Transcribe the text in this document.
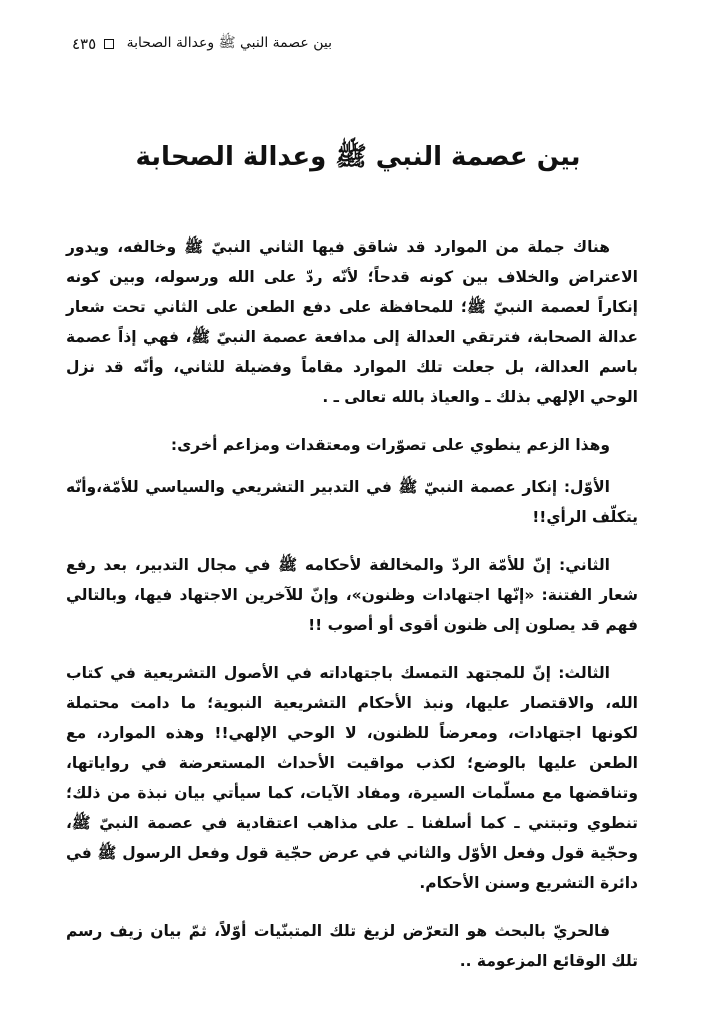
بين عصمة النبي ﷺ وعدالة الصحابة
٤٣٥
بين عصمة النبي ﷺ وعدالة الصحابة

هناك جملة من الموارد قد شاقق فيها الثاني النبيّ ﷺ وخالفه، ويدور الاعتراض والخلاف بين كونه قدحاً؛ لأنّه ردّ على الله ورسوله، وبين كونه إنكاراً لعصمة النبيّ ﷺ؛ للمحافظة على دفع الطعن على الثاني تحت شعار عدالة الصحابة، فترتقي العدالة إلى مدافعة عصمة النبيّ ﷺ، فهي إذاً عصمة باسم العدالة، بل جعلت تلك الموارد مقاماً وفضيلة للثاني، وأنّه قد نزل الوحي الإلهي بذلك ـ والعياذ بالله تعالى ـ .

وهذا الزعم ينطوي على تصوّرات ومعتقدات ومزاعم أخرى:

الأوّل: إنكار عصمة النبيّ ﷺ في التدبير التشريعي والسياسي للأمّة،وأنّه يتكلّف الرأي!!

الثاني: إنّ للأمّة الردّ والمخالفة لأحكامه ﷺ في مجال التدبير، بعد رفع شعار الفتنة: «إنّها اجتهادات وظنون»، وإنّ للآخرين الاجتهاد فيها، وبالتالي فهم قد يصلون إلى ظنون أقوى أو أصوب !!

الثالث: إنّ للمجتهد التمسك باجتهاداته في الأصول التشريعية في كتاب الله، والاقتصار عليها، ونبذ الأحكام التشريعية النبوية؛ ما دامت محتملة لكونها اجتهادات، ومعرضاً للظنون، لا الوحي الإلهي!! وهذه الموارد، مع الطعن عليها بالوضع؛ لكذب مواقيت الأحداث المستعرضة في رواياتها، وتناقضها مع مسلّمات السيرة، ومفاد الآيات، كما سيأتي بيان نبذة من ذلك؛ تنطوي وتبتني ـ كما أسلفنا ـ على مذاهب اعتقادية في عصمة النبيّ ﷺ، وحجّية قول وفعل الأوّل والثاني في عرض حجّية قول وفعل الرسول ﷺ في دائرة التشريع وسنن الأحكام.

فالحريّ بالبحث هو التعرّض لزيغ تلك المتبنّيات أوّلاً، ثمّ بيان زيف رسم تلك الوقائع المزعومة ..
